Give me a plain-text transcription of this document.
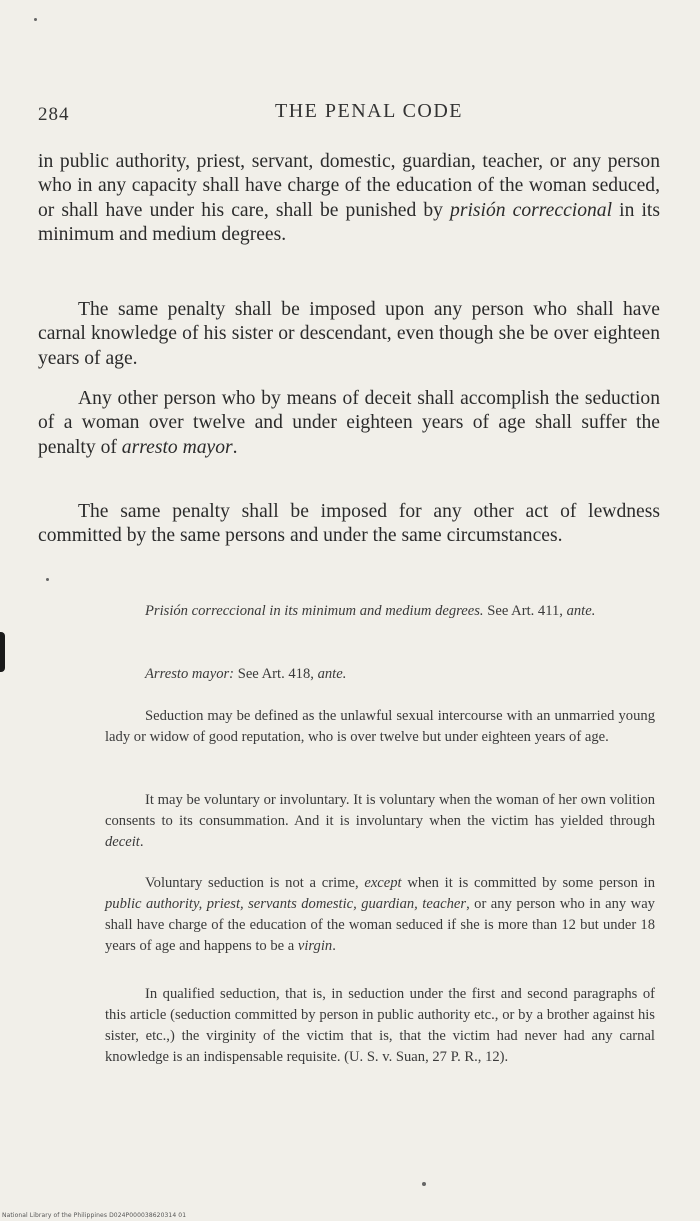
284	THE PENAL CODE

in public authority, priest, servant, domestic, guardian, teacher, or any person who in any capacity shall have charge of the education of the woman seduced, or shall have under his care, shall be punished by prisión correccional in its minimum and medium degrees.

The same penalty shall be imposed upon any person who shall have carnal knowledge of his sister or descendant, even though she be over eighteen years of age.

Any other person who by means of deceit shall accomplish the seduction of a woman over twelve and under eighteen years of age shall suffer the penalty of arresto mayor.

The same penalty shall be imposed for any other act of lewdness committed by the same persons and under the same circumstances.

Prisión correccional in its minimum and medium degrees. See Art. 411, ante.

Arresto mayor: See Art. 418, ante.

Seduction may be defined as the unlawful sexual intercourse with an unmarried young lady or widow of good reputation, who is over twelve but under eighteen years of age.

It may be voluntary or involuntary. It is voluntary when the woman of her own volition consents to its consummation. And it is involuntary when the victim has yielded through deceit.

Voluntary seduction is not a crime, except when it is committed by some person in public authority, priest, servants domestic, guardian, teacher, or any person who in any way shall have charge of the education of the woman seduced if she is more than 12 but under 18 years of age and happens to be a virgin.

In qualified seduction, that is, in seduction under the first and second paragraphs of this article (seduction committed by person in public authority etc., or by a brother against his sister, etc.,) the virginity of the victim that is, that the victim had never had any carnal knowledge is an indispensable requisite. (U. S. v. Suan, 27 P. R., 12).

National Library of the Philippines D024P000038620314 01
